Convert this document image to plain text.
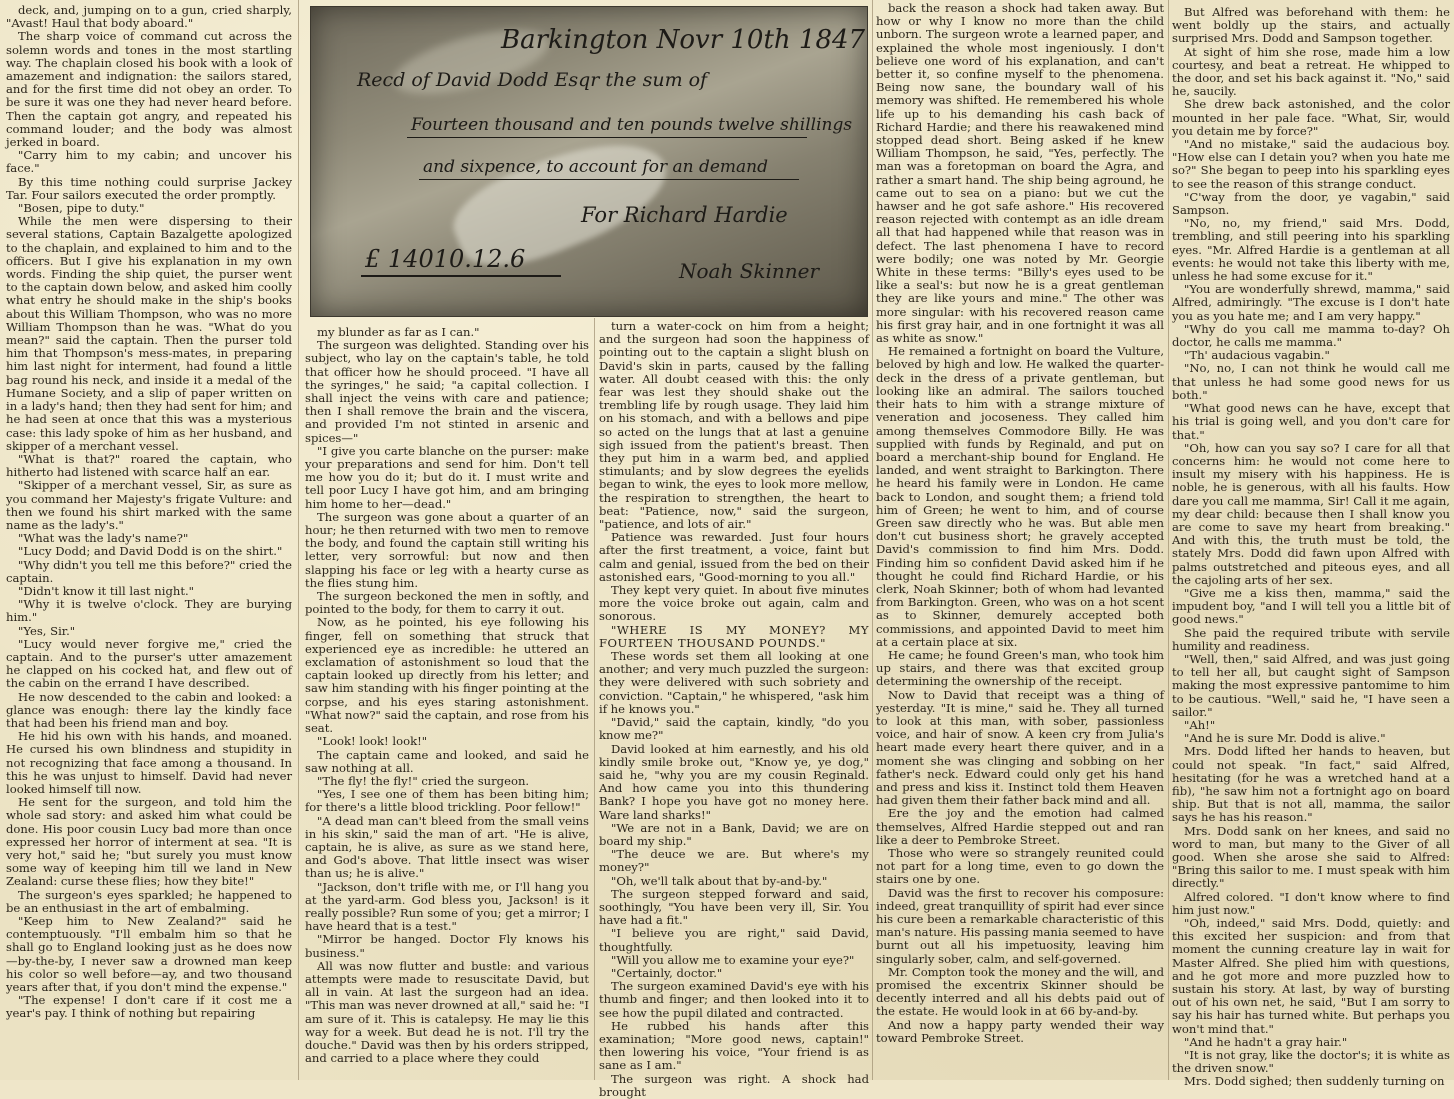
deck, and, jumping on to a gun, cried sharply, "Avast! Haul that body aboard."

The sharp voice of command cut across the solemn words and tones in the most startling way. The chaplain closed his book with a look of amazement and indignation: the sailors stared, and for the first time did not obey an order. To be sure it was one they had never heard before. Then the captain got angry, and repeated his command louder; and the body was almost jerked in board.

"Carry him to my cabin; and uncover his face."

By this time nothing could surprise Jackey Tar. Four sailors executed the order promptly.

"Bosen, pipe to duty."

While the men were dispersing to their several stations, Captain Bazalgette apologized to the chaplain, and explained to him and to the officers. But I give his explanation in my own words. Finding the ship quiet, the purser went to the captain down below, and asked him coolly what entry he should make in the ship's books about this William Thompson, who was no more William Thompson than he was. "What do you mean?" said the captain. Then the purser told him that Thompson's mess-mates, in preparing him last night for interment, had found a little bag round his neck, and inside it a medal of the Humane Society, and a slip of paper written on in a lady's hand; then they had sent for him; and he had seen at once that this was a mysterious case: this lady spoke of him as her husband, and skipper of a merchant vessel.

"What is that?" roared the captain, who hitherto had listened with scarce half an ear.

"Skipper of a merchant vessel, Sir, as sure as you command her Majesty's frigate Vulture: and then we found his shirt marked with the same name as the lady's."

"What was the lady's name?"

"Lucy Dodd; and David Dodd is on the shirt."

"Why didn't you tell me this before?" cried the captain.

"Didn't know it till last night."

"Why it is twelve o'clock. They are burying him."

"Yes, Sir."

"Lucy would never forgive me," cried the captain. And to the purser's utter amazement he clapped on his cocked hat, and flew out of the cabin on the errand I have described.

He now descended to the cabin and looked: a glance was enough: there lay the kindly face that had been his friend man and boy.

He hid his own with his hands, and moaned. He cursed his own blindness and stupidity in not recognizing that face among a thousand. In this he was unjust to himself. David had never looked himself till now.

He sent for the surgeon, and told him the whole sad story: and asked him what could be done. His poor cousin Lucy bad more than once expressed her horror of interment at sea. "It is very hot," said he; "but surely you must know some way of keeping him till we land in New Zealand: curse these flies; how they bite!"

The surgeon's eyes sparkled; he happened to be an enthusiast in the art of embalming.

"Keep him to New Zealand?" said he contemptuously. "I'll embalm him so that he shall go to England looking just as he does now—by-the-by, I never saw a drowned man keep his color so well before—ay, and two thousand years after that, if you don't mind the expense."

"The expense! I don't care if it cost me a year's pay. I think of nothing but repairing

Barkington Novr 10th 1847
Recd of David Dodd Esqr the sum of
Fourteen thousand and ten pounds twelve shillings
and sixpence, to account for an demand
For Richard Hardie
£ 14010.12.6	Noah Skinner

my blunder as far as I can."

The surgeon was delighted. Standing over his subject, who lay on the captain's table, he told that officer how he should proceed. "I have all the syringes," he said; "a capital collection. I shall inject the veins with care and patience; then I shall remove the brain and the viscera, and provided I'm not stinted in arsenic and spices—"

"I give you carte blanche on the purser: make your preparations and send for him. Don't tell me how you do it; but do it. I must write and tell poor Lucy I have got him, and am bringing him home to her—dead."

The surgeon was gone about a quarter of an hour; he then returned with two men to remove the body, and found the captain still writing his letter, very sorrowful: but now and then slapping his face or leg with a hearty curse as the flies stung him.

The surgeon beckoned the men in softly, and pointed to the body, for them to carry it out.

Now, as he pointed, his eye following his finger, fell on something that struck that experienced eye as incredible: he uttered an exclamation of astonishment so loud that the captain looked up directly from his letter; and saw him standing with his finger pointing at the corpse, and his eyes staring astonishment. "What now?" said the captain, and rose from his seat.

"Look! look! look!"

The captain came and looked, and said he saw nothing at all.

"The fly! the fly!" cried the surgeon.

"Yes, I see one of them has been biting him; for there's a little blood trickling. Poor fellow!"

"A dead man can't bleed from the small veins in his skin," said the man of art. "He is alive, captain, he is alive, as sure as we stand here, and God's above. That little insect was wiser than us; he is alive."

"Jackson, don't trifle with me, or I'll hang you at the yard-arm. God bless you, Jackson! is it really possible? Run some of you; get a mirror; I have heard that is a test."

"Mirror be hanged. Doctor Fly knows his business."

All was now flutter and bustle: and various attempts were made to resuscitate David, but all in vain. At last the surgeon had an idea. "This man was never drowned at all," said he: "I am sure of it. This is catalepsy. He may lie this way for a week. But dead he is not. I'll try the douche." David was then by his orders stripped, and carried to a place where they could

turn a water-cock on him from a height; and the surgeon had soon the happiness of pointing out to the captain a slight blush on David's skin in parts, caused by the falling water. All doubt ceased with this: the only fear was lest they should shake out the trembling life by rough usage. They laid him on his stomach, and with a bellows and pipe so acted on the lungs that at last a genuine sigh issued from the patient's breast. Then they put him in a warm bed, and applied stimulants; and by slow degrees the eyelids began to wink, the eyes to look more mellow, the respiration to strengthen, the heart to beat: "Patience, now," said the surgeon, "patience, and lots of air."

Patience was rewarded. Just four hours after the first treatment, a voice, faint but calm and genial, issued from the bed on their astonished ears, "Good-morning to you all."

They kept very quiet. In about five minutes more the voice broke out again, calm and sonorous.

"WHERE IS MY MONEY? MY FOURTEEN THOUSAND POUNDS."

These words set them all looking at one another; and very much puzzled the surgeon: they were delivered with such sobriety and conviction. "Captain," he whispered, "ask him if he knows you."

"David," said the captain, kindly, "do you know me?"

David looked at him earnestly, and his old kindly smile broke out, "Know ye, ye dog," said he, "why you are my cousin Reginald. And how came you into this thundering Bank? I hope you have got no money here. Ware land sharks!"

"We are not in a Bank, David; we are on board my ship."

"The deuce we are. But where's my money?"

"Oh, we'll talk about that by-and-by."

The surgeon stepped forward and said, soothingly, "You have been very ill, Sir. You have had a fit."

"I believe you are right," said David, thoughtfully.

"Will you allow me to examine your eye?"

"Certainly, doctor."

The surgeon examined David's eye with his thumb and finger; and then looked into it to see how the pupil dilated and contracted.

He rubbed his hands after this examination; "More good news, captain!" then lowering his voice, "Your friend is as sane as I am."

The surgeon was right. A shock had brought

back the reason a shock had taken away. But how or why I know no more than the child unborn. The surgeon wrote a learned paper, and explained the whole most ingeniously. I don't believe one word of his explanation, and can't better it, so confine myself to the phenomena. Being now sane, the boundary wall of his memory was shifted. He remembered his whole life up to his demanding his cash back of Richard Hardie; and there his reawakened mind stopped dead short. Being asked if he knew William Thompson, he said, "Yes, perfectly. The man was a foretopman on board the Agra, and rather a smart hand. The ship being aground, he came out to sea on a piano: but we cut the hawser and he got safe ashore." His recovered reason rejected with contempt as an idle dream all that had happened while that reason was in defect. The last phenomena I have to record were bodily; one was noted by Mr. Georgie White in these terms: "Billy's eyes used to be like a seal's: but now he is a great gentleman they are like yours and mine." The other was more singular: with his recovered reason came his first gray hair, and in one fortnight it was all as white as snow."

He remained a fortnight on board the Vulture, beloved by high and low. He walked the quarter-deck in the dress of a private gentleman, but looking like an admiral. The sailors touched their hats to him with a strange mixture of veneration and jocoseness. They called him among themselves Commodore Billy. He was supplied with funds by Reginald, and put on board a merchant-ship bound for England. He landed, and went straight to Barkington. There he heard his family were in London. He came back to London, and sought them; a friend told him of Green; he went to him, and of course Green saw directly who he was. But able men don't cut business short; he gravely accepted David's commission to find him Mrs. Dodd. Finding him so confident David asked him if he thought he could find Richard Hardie, or his clerk, Noah Skinner; both of whom had levanted from Barkington. Green, who was on a hot scent as to Skinner, demurely accepted both commissions, and appointed David to meet him at a certain place at six.

He came; he found Green's man, who took him up stairs, and there was that excited group determining the ownership of the receipt.

Now to David that receipt was a thing of yesterday. "It is mine," said he. They all turned to look at this man, with sober, passionless voice, and hair of snow. A keen cry from Julia's heart made every heart there quiver, and in a moment she was clinging and sobbing on her father's neck. Edward could only get his hand and press and kiss it. Instinct told them Heaven had given them their father back mind and all.

Ere the joy and the emotion had calmed themselves, Alfred Hardie stepped out and ran like a deer to Pembroke Street.

Those who were so strangely reunited could not part for a long time, even to go down the stairs one by one.

David was the first to recover his composure: indeed, great tranquillity of spirit had ever since his cure been a remarkable characteristic of this man's nature. His passing mania seemed to have burnt out all his impetuosity, leaving him singularly sober, calm, and self-governed.

Mr. Compton took the money and the will, and promised the excentrix Skinner should be decently interred and all his debts paid out of the estate. He would look in at 66 by-and-by.

And now a happy party wended their way toward Pembroke Street.

But Alfred was beforehand with them: he went boldly up the stairs, and actually surprised Mrs. Dodd and Sampson together.

At sight of him she rose, made him a low courtesy, and beat a retreat. He whipped to the door, and set his back against it. "No," said he, saucily.

She drew back astonished, and the color mounted in her pale face. "What, Sir, would you detain me by force?"

"And no mistake," said the audacious boy. "How else can I detain you? when you hate me so?" She began to peep into his sparkling eyes to see the reason of this strange conduct.

"C'way from the door, ye vagabin," said Sampson.

"No, no, my friend," said Mrs. Dodd, trembling, and still peering into his sparkling eyes. "Mr. Alfred Hardie is a gentleman at all events: he would not take this liberty with me, unless he had some excuse for it."

"You are wonderfully shrewd, mamma," said Alfred, admiringly. "The excuse is I don't hate you as you hate me; and I am very happy."

"Why do you call me mamma to-day? Oh doctor, he calls me mamma."

"Th' audacious vagabin."

"No, no, I can not think he would call me that unless he had some good news for us both."

"What good news can he have, except that his trial is going well, and you don't care for that."

"Oh, how can you say so? I care for all that concerns him: he would not come here to insult my misery with his happiness. He is noble, he is generous, with all his faults. How dare you call me mamma, Sir! Call it me again, my dear child: because then I shall know you are come to save my heart from breaking." And with this, the truth must be told, the stately Mrs. Dodd did fawn upon Alfred with palms outstretched and piteous eyes, and all the cajoling arts of her sex.

"Give me a kiss then, mamma," said the impudent boy, "and I will tell you a little bit of good news."

She paid the required tribute with servile humility and readiness.

"Well, then," said Alfred, and was just going to tell her all, but caught sight of Sampson making the most expressive pantomime to him to be cautious. "Well," said he, "I have seen a sailor."

"Ah!"

"And he is sure Mr. Dodd is alive."

Mrs. Dodd lifted her hands to heaven, but could not speak. "In fact," said Alfred, hesitating (for he was a wretched hand at a fib), "he saw him not a fortnight ago on board ship. But that is not all, mamma, the sailor says he has his reason."

Mrs. Dodd sank on her knees, and said no word to man, but many to the Giver of all good. When she arose she said to Alfred: "Bring this sailor to me. I must speak with him directly."

Alfred colored. "I don't know where to find him just now."

"Oh, indeed," said Mrs. Dodd, quietly: and this excited her suspicion: and from that moment the cunning creature lay in wait for Master Alfred. She plied him with questions, and he got more and more puzzled how to sustain his story. At last, by way of bursting out of his own net, he said, "But I am sorry to say his hair has turned white. But perhaps you won't mind that."

"And he hadn't a gray hair."

"It is not gray, like the doctor's; it is white as the driven snow."

Mrs. Dodd sighed; then suddenly turning on
